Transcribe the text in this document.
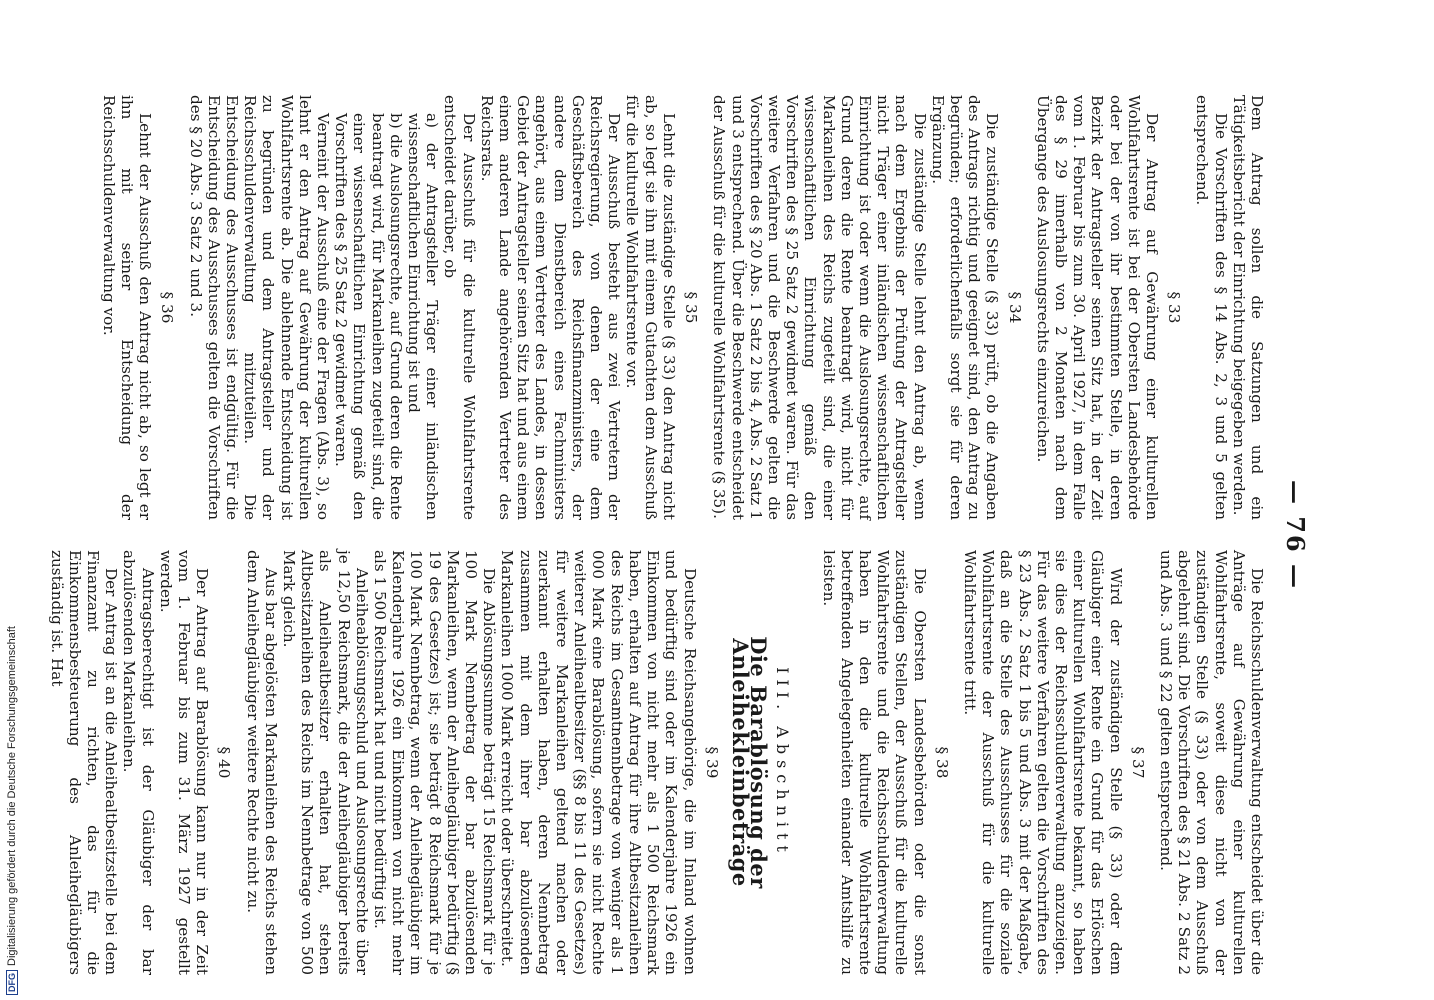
— 76 —

Dem Antrag sollen die Satzungen und ein Tätigkeitsbericht der Einrichtung beigegeben werden.

Die Vorschriften des § 14 Abs. 2, 3 und 5 gelten entsprechend.

§ 33

Der Antrag auf Gewährung einer kulturellen Wohlfahrtsrente ist bei der Obersten Landesbehörde oder bei der von ihr bestimmten Stelle, in deren Bezirk der Antragsteller seinen Sitz hat, in der Zeit vom 1. Februar bis zum 30. April 1927, in dem Falle des § 29 innerhalb von 2 Monaten nach dem Übergange des Auslosungsrechts einzureichen.

§ 34

Die zuständige Stelle (§ 33) prüft, ob die Angaben des Antrags richtig und geeignet sind, den Antrag zu begründen; erforderlichenfalls sorgt sie für deren Ergänzung.

Die zuständige Stelle lehnt den Antrag ab, wenn nach dem Ergebnis der Prüfung der Antragsteller nicht Träger einer inländischen wissenschaftlichen Einrichtung ist oder wenn die Auslosungsrechte, auf Grund deren die Rente beantragt wird, nicht für Markanleihen des Reichs zugeteilt sind, die einer wissenschaftlichen Einrichtung gemäß den Vorschriften des § 25 Satz 2 gewidmet waren. Für das weitere Verfahren und die Beschwerde gelten die Vorschriften des § 20 Abs. 1 Satz 2 bis 4, Abs. 2 Satz 1 und 3 entsprechend. Über die Beschwerde entscheidet der Ausschuß für die kulturelle Wohlfahrtsrente (§ 35).

§ 35

Lehnt die zuständige Stelle (§ 33) den Antrag nicht ab, so legt sie ihn mit einem Gutachten dem Ausschuß für die kulturelle Wohlfahrtsrente vor.

Der Ausschuß besteht aus zwei Vertretern der Reichsregierung, von denen der eine dem Geschäftsbereich des Reichsfinanzministers, der andere dem Dienstbereich eines Fachministers angehört, aus einem Vertreter des Landes, in dessen Gebiet der Antragsteller seinen Sitz hat und aus einem einem anderen Lande angehörenden Vertreter des Reichsrats.

Der Ausschuß für die kulturelle Wohlfahrtsrente entscheidet darüber, ob

a) der Antragsteller Träger einer inländischen wissenschaftlichen Einrichtung ist und

b) die Auslosungsrechte, auf Grund deren die Rente beantragt wird, für Markanleihen zugeteilt sind, die einer wissenschaftlichen Einrichtung gemäß den Vorschriften des § 25 Satz 2 gewidmet waren.

Verneint der Ausschuß eine der Fragen (Abs. 3), so lehnt er den Antrag auf Gewährung der kulturellen Wohlfahrtsrente ab. Die ablehnende Entscheidung ist zu begründen und dem Antragsteller und der Reichsschuldenverwaltung mitzuteilen. Die Entscheidung des Ausschusses ist endgültig. Für die Entscheidung des Ausschusses gelten die Vorschriften des § 20 Abs. 3 Satz 2 und 3.

§ 36

Lehnt der Ausschuß den Antrag nicht ab, so legt er ihn mit seiner Entscheidung der Reichsschuldenverwaltung vor.

Die Reichsschuldenverwaltung entscheidet über die Anträge auf Gewährung einer kulturellen Wohlfahrtsrente, soweit diese nicht von der zuständigen Stelle (§ 33) oder von dem Ausschuß abgelehnt sind. Die Vorschriften des § 21 Abs. 2 Satz 2 und Abs. 3 und § 22 gelten entsprechend.

§ 37

Wird der zuständigen Stelle (§ 33) oder dem Gläubiger einer Rente ein Grund für das Erlöschen einer kulturellen Wohlfahrtsrente bekannt, so haben sie dies der Reichsschuldenverwaltung anzuzeigen. Für das weitere Verfahren gelten die Vorschriften des § 23 Abs. 2 Satz 1 bis 5 und Abs. 3 mit der Maßgabe, daß an die Stelle des Ausschusses für die soziale Wohlfahrtsrente der Ausschuß für die kulturelle Wohlfahrtsrente tritt.

§ 38

Die Obersten Landesbehörden oder die sonst zuständigen Stellen, der Ausschuß für die kulturelle Wohlfahrtsrente und die Reichsschuldenverwaltung haben in den die kulturelle Wohlfahrtsrente betreffenden Angelegenheiten einander Amtshilfe zu leisten.

III. Abschnitt
Die Barablösung der Anleihekleinbeträge
§ 39

Deutsche Reichsangehörige, die im Inland wohnen und bedürftig sind oder im Kalenderjahre 1926 ein Einkommen von nicht mehr als 1 500 Reichsmark haben, erhalten auf Antrag für ihre Altbesitzanleihen des Reichs im Gesamtnennbetrage von weniger als 1 000 Mark eine Barablösung, sofern sie nicht Rechte weiterer Anleihealtbesitzer (§§ 8 bis 11 des Gesetzes) für weitere Markanleihen geltend machen oder zuerkannt erhalten haben, deren Nennbetrag zusammen mit dem ihrer bar abzulösenden Markanleihen 1000 Mark erreicht oder überschreitet.

Die Ablösungssumme beträgt 15 Reichsmark für je 100 Mark Nennbetrag der bar abzulösenden Markanleihen, wenn der Anleihegläubiger bedürftig (§ 19 des Gesetzes) ist; sie beträgt 8 Reichsmark für je 100 Mark Nennbetrag, wenn der Anleihegläubiger im Kalenderjahre 1926 ein Einkommen von nicht mehr als 1 500 Reichsmark hat und nicht bedürftig ist.

Anleiheablösungsschuld und Auslosungsrechte über je 12,50 Reichsmark, die der Anleihegläubiger bereits als Anleihealtbesitzer erhalten hat, stehen Altbesitzanleihen des Reichs im Nennbetrage von 500 Mark gleich.

Aus bar abgelösten Markanleihen des Reichs stehen dem Anleihegläubiger weitere Rechte nicht zu.

§ 40

Der Antrag auf Barablösung kann nur in der Zeit vom 1. Februar bis zum 31. März 1927 gestellt werden.

Antragsberechtigt ist der Gläubiger der bar abzulösenden Markanleihen.

Der Antrag ist an die Anleihealtbesitzstelle bei dem Finanzamt zu richten, das für die Einkommensbesteuerung des Anleihegläubigers zuständig ist. Hat

DFGDigitalisierung gefördert durch die Deutsche Forschungsgemeinschaft
